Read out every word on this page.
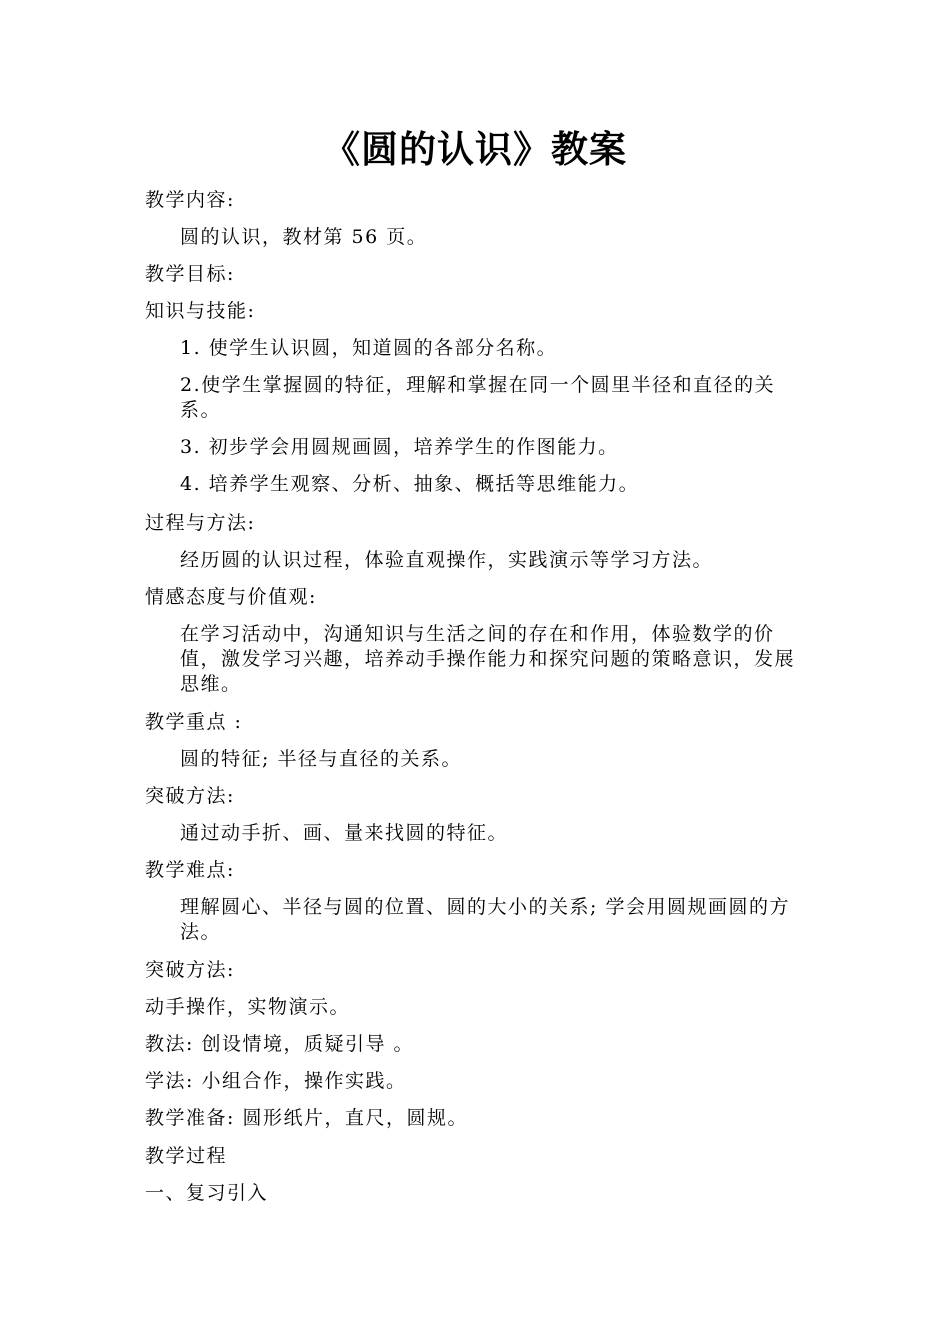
《圆的认识》教案
教学内容:
圆的认识，教材第 56 页。
教学目标:
知识与技能:
1. 使学生认识圆，知道圆的各部分名称。
2.使学生掌握圆的特征，理解和掌握在同一个圆里半径和直径的关系。
3. 初步学会用圆规画圆，培养学生的作图能力。
4. 培养学生观察、分析、抽象、概括等思维能力。
过程与方法:
经历圆的认识过程，体验直观操作，实践演示等学习方法。
情感态度与价值观:
在学习活动中，沟通知识与生活之间的存在和作用，体验数学的价值，激发学习兴趣，培养动手操作能力和探究问题的策略意识，发展思维。
教学重点 :
圆的特征; 半径与直径的关系。
突破方法:
通过动手折、画、量来找圆的特征。
教学难点:
理解圆心、半径与圆的位置、圆的大小的关系; 学会用圆规画圆的方法。
突破方法:
动手操作，实物演示。
教法: 创设情境，质疑引导 。
学法: 小组合作，操作实践。
教学准备: 圆形纸片，直尺，圆规。
教学过程
一、复习引入
